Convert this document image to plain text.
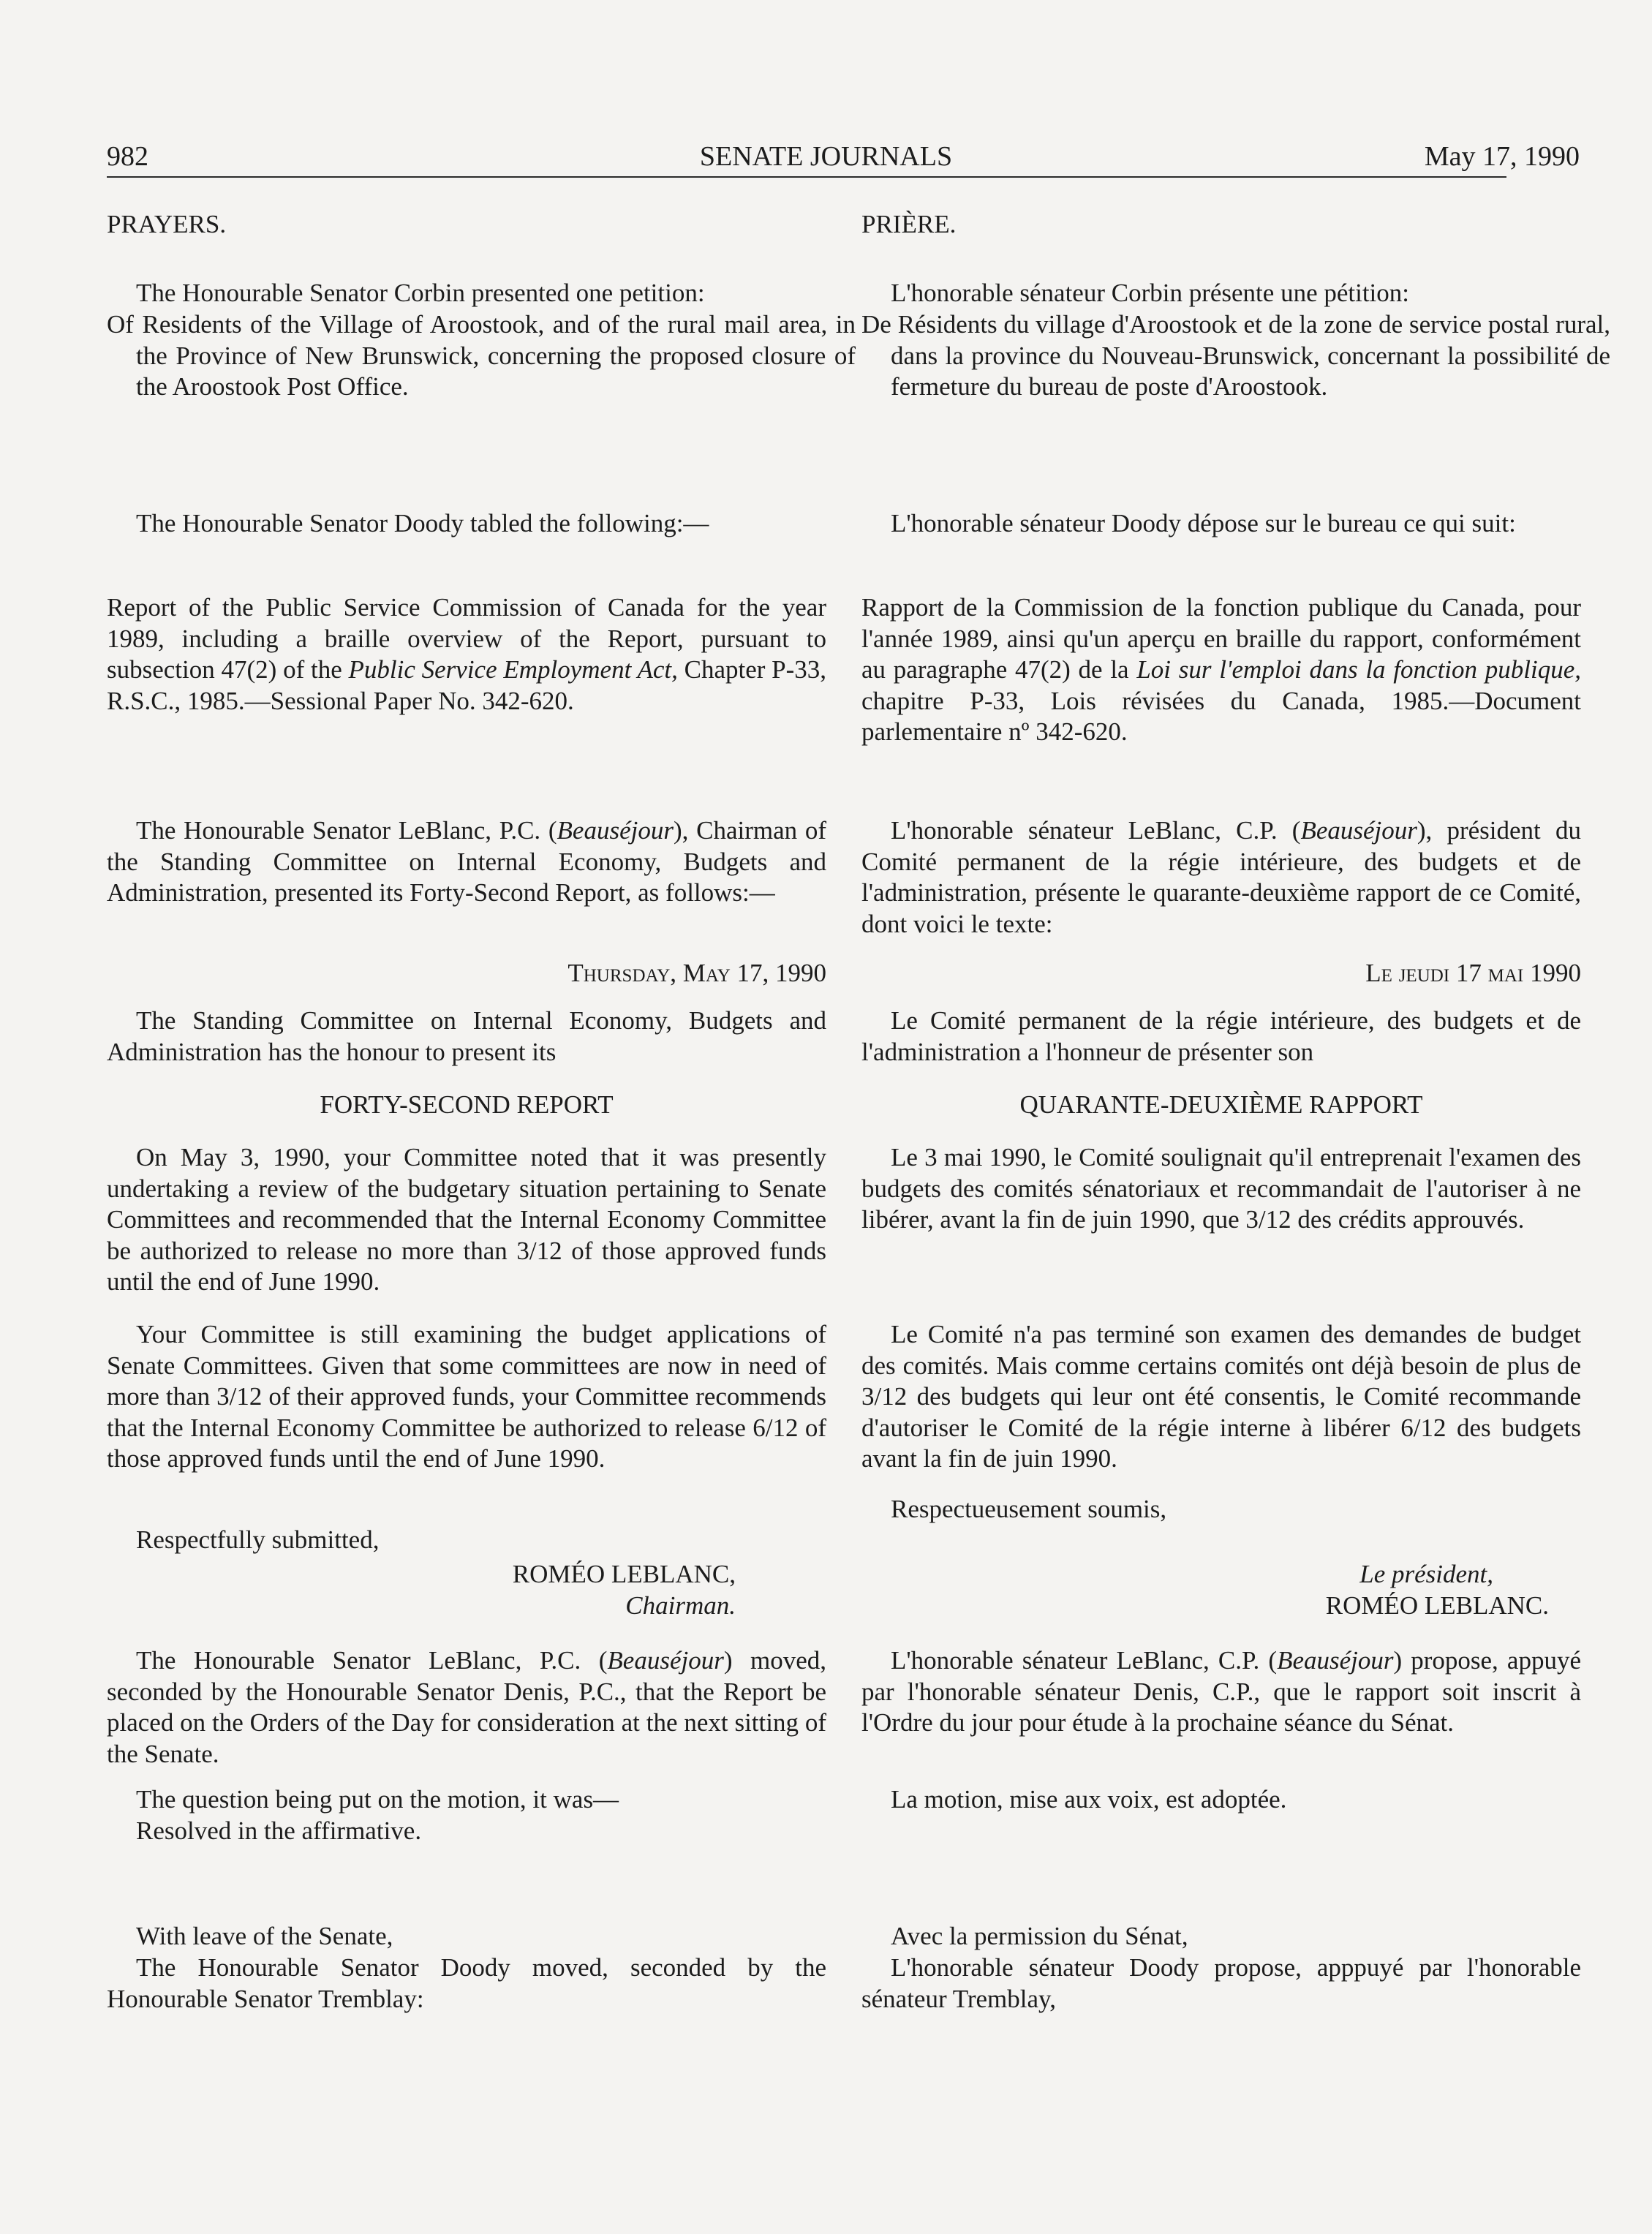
982	SENATE JOURNALS	May 17, 1990

PRAYERS.

The Honourable Senator Corbin presented one petition:

Of Residents of the Village of Aroostook, and of the rural mail area, in the Province of New Brunswick, concerning the proposed closure of the Aroostook Post Office.

The Honourable Senator Doody tabled the following:—

Report of the Public Service Commission of Canada for the year 1989, including a braille overview of the Report, pursuant to subsection 47(2) of the Public Service Employment Act, Chapter P-33, R.S.C., 1985.—Sessional Paper No. 342-620.

The Honourable Senator LeBlanc, P.C. (Beauséjour), Chairman of the Standing Committee on Internal Economy, Budgets and Administration, presented its Forty-Second Report, as follows:—

Thursday, May 17, 1990

The Standing Committee on Internal Economy, Budgets and Administration has the honour to present its

FORTY-SECOND REPORT

On May 3, 1990, your Committee noted that it was presently undertaking a review of the budgetary situation pertaining to Senate Committees and recommended that the Internal Economy Committee be authorized to release no more than 3/12 of those approved funds until the end of June 1990.

Your Committee is still examining the budget applications of Senate Committees. Given that some committees are now in need of more than 3/12 of their approved funds, your Committee recommends that the Internal Economy Committee be authorized to release 6/12 of those approved funds until the end of June 1990.

Respectfully submitted,

ROMÉO LEBLANC,

Chairman.

The Honourable Senator LeBlanc, P.C. (Beauséjour) moved, seconded by the Honourable Senator Denis, P.C., that the Report be placed on the Orders of the Day for consideration at the next sitting of the Senate.

The question being put on the motion, it was—

Resolved in the affirmative.

With leave of the Senate,

The Honourable Senator Doody moved, seconded by the Honourable Senator Tremblay:

PRIÈRE.

L'honorable sénateur Corbin présente une pétition:

De Résidents du village d'Aroostook et de la zone de service postal rural, dans la province du Nouveau-Brunswick, concernant la possibilité de fermeture du bureau de poste d'Aroostook.

L'honorable sénateur Doody dépose sur le bureau ce qui suit:

Rapport de la Commission de la fonction publique du Canada, pour l'année 1989, ainsi qu'un aperçu en braille du rapport, conformément au paragraphe 47(2) de la Loi sur l'emploi dans la fonction publique, chapitre P-33, Lois révisées du Canada, 1985.—Document parlementaire nº 342-620.

L'honorable sénateur LeBlanc, C.P. (Beauséjour), président du Comité permanent de la régie intérieure, des budgets et de l'administration, présente le quarante-deuxième rapport de ce Comité, dont voici le texte:

Le jeudi 17 mai 1990

Le Comité permanent de la régie intérieure, des budgets et de l'administration a l'honneur de présenter son

QUARANTE-DEUXIÈME RAPPORT

Le 3 mai 1990, le Comité soulignait qu'il entreprenait l'examen des budgets des comités sénatoriaux et recommandait de l'autoriser à ne libérer, avant la fin de juin 1990, que 3/12 des crédits approuvés.

Le Comité n'a pas terminé son examen des demandes de budget des comités. Mais comme certains comités ont déjà besoin de plus de 3/12 des budgets qui leur ont été consentis, le Comité recommande d'autoriser le Comité de la régie interne à libérer 6/12 des budgets avant la fin de juin 1990.

Respectueusement soumis,

Le président,

ROMÉO LEBLANC.

L'honorable sénateur LeBlanc, C.P. (Beauséjour) propose, appuyé par l'honorable sénateur Denis, C.P., que le rapport soit inscrit à l'Ordre du jour pour étude à la prochaine séance du Sénat.

La motion, mise aux voix, est adoptée.

Avec la permission du Sénat,

L'honorable sénateur Doody propose, apppuyé par l'honorable sénateur Tremblay,
